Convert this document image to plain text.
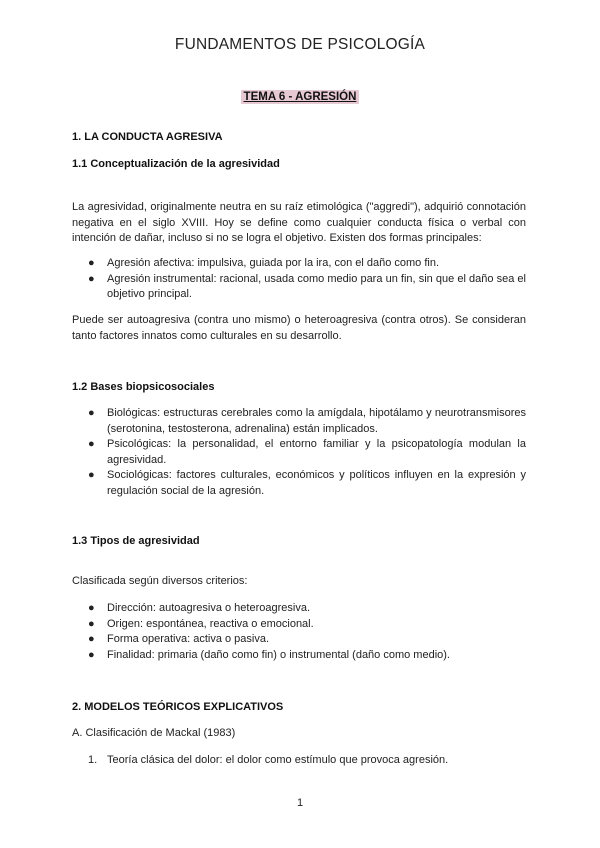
FUNDAMENTOS DE PSICOLOGÍA
TEMA 6 - AGRESIÓN
1. LA CONDUCTA AGRESIVA
1.1 Conceptualización de la agresividad

La agresividad, originalmente neutra en su raíz etimológica ("aggredi"), adquirió connotación negativa en el siglo XVIII. Hoy se define como cualquier conducta física o verbal con intención de dañar, incluso si no se logra el objetivo. Existen dos formas principales:

● Agresión afectiva: impulsiva, guiada por la ira, con el daño como fin.
● Agresión instrumental: racional, usada como medio para un fin, sin que el daño sea el objetivo principal.

Puede ser autoagresiva (contra uno mismo) o heteroagresiva (contra otros). Se consideran tanto factores innatos como culturales en su desarrollo.

1.2 Bases biopsicosociales
● Biológicas: estructuras cerebrales como la amígdala, hipotálamo y neurotransmisores (serotonina, testosterona, adrenalina) están implicados.
● Psicológicas: la personalidad, el entorno familiar y la psicopatología modulan la agresividad.
● Sociológicas: factores culturales, económicos y políticos influyen en la expresión y regulación social de la agresión.
1.3 Tipos de agresividad

Clasificada según diversos criterios:

● Dirección: autoagresiva o heteroagresiva.
● Origen: espontánea, reactiva o emocional.
● Forma operativa: activa o pasiva.
● Finalidad: primaria (daño como fin) o instrumental (daño como medio).
2. MODELOS TEÓRICOS EXPLICATIVOS

A. Clasificación de Mackal (1983)

1. Teoría clásica del dolor: el dolor como estímulo que provoca agresión.
1
